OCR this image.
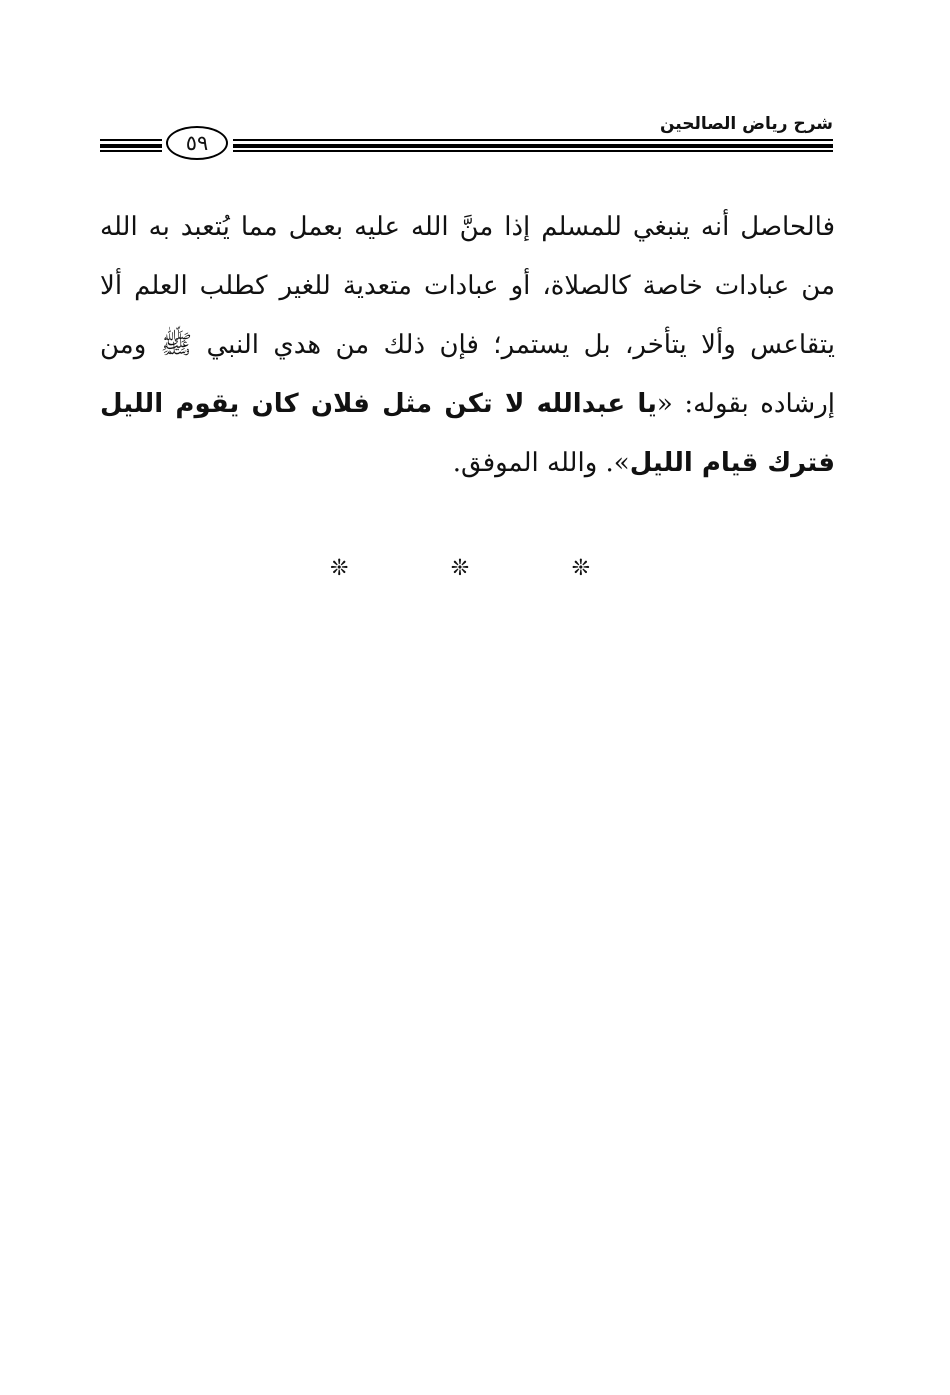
شرح رياض الصالحين
٥٩
فالحاصل أنه ينبغي للمسلم إذا منَّ الله عليه بعمل مما يُتعبد به الله من عبادات خاصة كالصلاة، أو عبادات متعدية للغير كطلب العلم ألا يتقاعس وألا يتأخر، بل يستمر؛ فإن ذلك من هدي النبي ﷺ ومن إرشاده بقوله: «يا عبدالله لا تكن مثل فلان كان يقوم الليل فترك قيام الليل». والله الموفق.
❊
❊
❊
